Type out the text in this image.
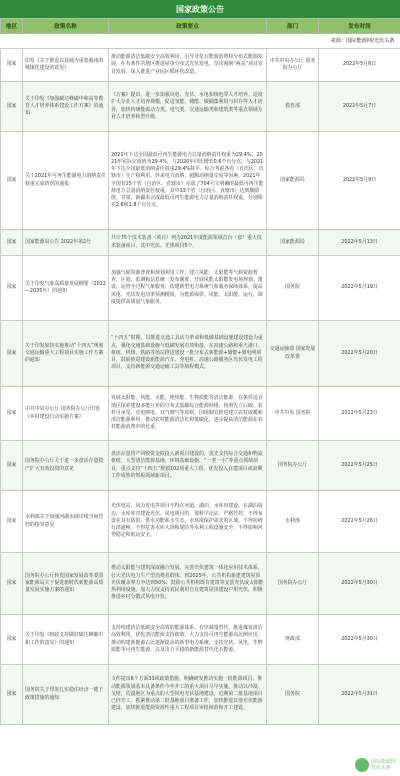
国家政策公告
地区	政策名称	政策要点	部门	发布时间
来源：国际能源网/光伏头条				
国家	印发《关于推进以县城为重要载体的城镇化建设的意见》	推动能源清洁低碳安全高效利用，引导非化石能源消费和分布式能源发展，在有条件的地区推进屋顶分布式光伏发电。坚决遏制“两高”项目盲目发展，深入推进产业园区循环化改造。	中共中央办公厅 国务院办公厅	2022年5月6日
国家	关于印发《加强碳达峰碳中和高等教育人才培养体系建设工作方案》的通知	《方案》提出，进一步加强风电、光伏、水电和核电等人才培养。适度扩大专业人才培养规模，促进氢能、储能、碳捕集利用与封存等人才培养，加快传统能源动力类、电气类、交通运输类和建筑类等重点领域专业人才培养转型升级。	教育部	2022年5月7日
国家	关于2021年可再生能源电力消纳责任权重完成情况的通报	2021年下达全国最低可再生能源电力总量消纳责任权重为29.4%，2021年实际完成值为29.4%，与2020年同比增长0.6个百分点，与2021年下达全国最低消纳责任权重29.4%持平。综合考虑各省（自治区、直辖市）生产和利用、外来电力消纳，超额消纳量交易等因素，2021年全国有25个省（自治区、直辖市）完成了704号文明确的最低可再生能源电力总量消纳责任权重，其中13个省（自治区、直辖市）达到激励值，甘肃、新疆未完成最低可再生能源电力总量消纳责任权重，分别相差2.6和1.8个百分点。	国家能源局	2022年5月9日
国家	国家能源局公告 2022年第2号	共计75个技术装备（项目）列为2021年度能源领域首台（套）重大技术装备项目，其中光伏、光热项目5个。	国家能源局	2022年5月13日
国家	关于印发气象高质量发展纲要（2022—2035年）的通知	加强气候资源普查和规划利用工作，建立风能、太阳能等气候资源普查、区划、监测和信息统一发布制度，开展风能太阳能发电场规划、建设、运营全过程气象服务，构建新型电力系统气象服务保障体系，提高风电、光伏发电功率预测精度，为能源保供、风能、太阳能、运行、调度提供高质量气象服务。	国务院	2022年5月19日
国家	关于印发加快实施推动“十四五”规划交通运输重大工程项目实施工作方案的通知	“十四五”时期，以推进交通工具动力革命和低碳基础设施建设建设为重点，强化交通基础设施与低碳发展有效衔接，在高速公路和重大港口、枢纽、机场、铁路等场站推进建设一批分布式新能源+储能+微电网项目，鼓励推进建设新能源汽车、充电桩、高速公路服务区光伏发电工程项目，支持新能源交通运输工具等航程模式。	交通运输部 国家发展改革委	2022年5月20日
国家	中共中央办公厅 国务院办公厅印发《乡村建设行动实施方案》	发展太阳能、风能、水能、地热能、生物质能等清洁能源，在条件适宜地区探索建设多能互补的分布式低碳综合能源网络。按照先立后破、农村可承受、宜电则电、宜气则气等原则，因地制宜推进建立农村取暖和清洁能源利用，推动农村能源清洁化和低碳化，逐步提高清洁能源在农村能源消费中的比重。	中共中央 国务院	2022年5月23日
国家	国务院办公厅关于进一步盘活存量资产扩大有效投资的意见	盘活存量资产回收资金拟投入新项目建设的，优先支持综合交通和物流枢纽、大型清洁能源基地、环境基础设施、“一老一小”等重点领域项目，重点支持“十四五”规划102项重大工程，优先投入在建项目或前期工作成熟的短板领域新项目。	国务院办公厅	2022年5月25日
国家	水利部关于加强河湖水域岸线空间管控的指导意见	光伏电站、风力发电等项目不得在河道、湖泊、水库内建设。在湖泊周边、水库库汊建设光伏、风电项目的，要科学论证，严格管控，不得布设在具有防洪、供水功能和水生态、水环境保护需求的区域，不得妨碍行洪通畅，不得危害水库大坝和堤防等水利工程设施安全，不得影响河势稳定和航运安全。	水利部	2022年5月26日
国家	国务院办公厅转发国家发展改革委国家能源局关于促进新时代新能源高质量发展实施方案的通知	推动太阳能与建筑深度融合发展。完善光伏建筑一体化应用技术体系，壮大光伏电力生产型消费者群体。到2025年，公共机构新建建筑屋顶光伏覆盖率力争达到50%；鼓励公共机构既有建筑等安装光伏或太阳能热利用设施。加大力度支持农民利用自有建筑屋顶建设户用光伏，积极推进乡村分散式风电开发。	国务院办公厅	2022年5月30日
国家	关于印发《财政支持做好碳达峰碳中和工作的意见》的通知	支持构建清洁低碳安全高效的能源体系。有序减量替代，推进煤炭清洁高效利用。优化清洁能源支持政策，大力支持可再生能源高比例应用，推动构建新能源占比逐渐提高的新型电力系统。支持光伏、风电、生物质能等可再生能源，以及出力平稳的新能源替代化石能源。	财政部	2022年5月30日
国家	国务院关于印发扎实稳住经济一揽子政策措施的通知	文件提出6个方面33项政策措施，明确研发推动实施一批能源项目。推动能源领域基本具备条件今年开工的重大项目尽早实施，推动以沙漠、戈壁、荒漠地区为重点的大型风电光伏基地建设，近期第二批基地项目已经开工，抓紧推动第二批基地项目准备工作，加快推进其他光伏能源建设，加快推进能源资源性重大工程项目审批核准和开工建设。	国务院	2022年5月31日
国际能源网
光伏头条
